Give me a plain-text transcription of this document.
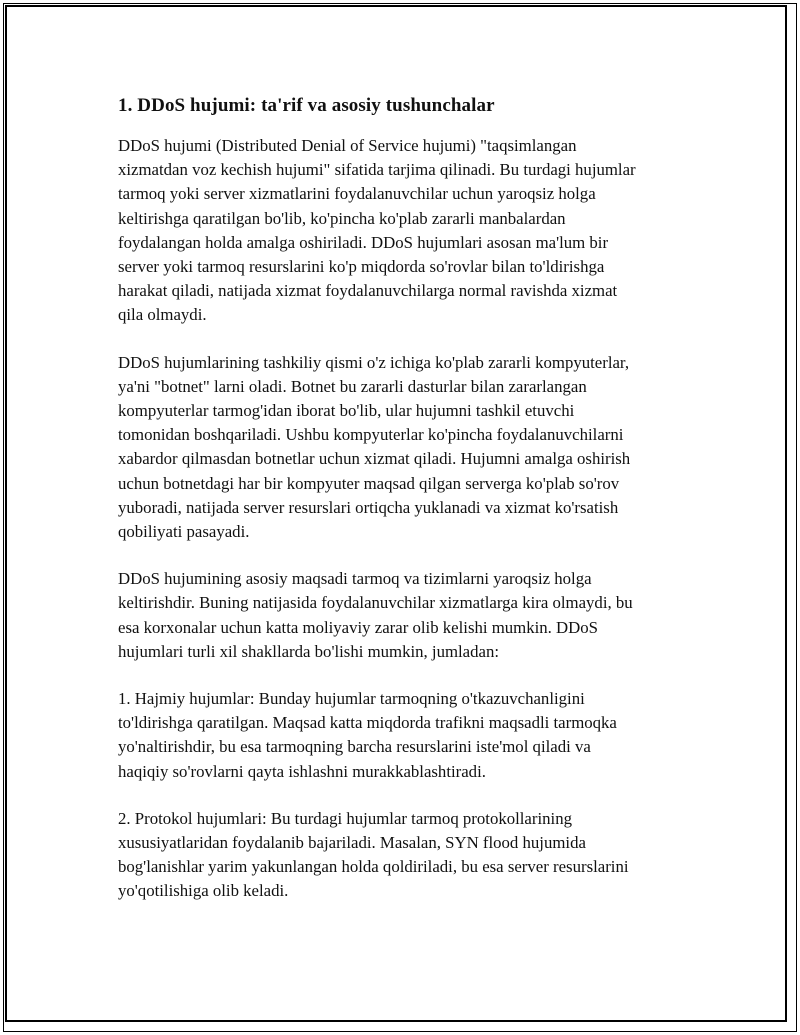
1. DDoS hujumi: ta'rif va asosiy tushunchalar

DDoS hujumi (Distributed Denial of Service hujumi) "taqsimlangan
xizmatdan voz kechish hujumi" sifatida tarjima qilinadi. Bu turdagi hujumlar
tarmoq yoki server xizmatlarini foydalanuvchilar uchun yaroqsiz holga
keltirishga qaratilgan bo'lib, ko'pincha ko'plab zararli manbalardan
foydalangan holda amalga oshiriladi. DDoS hujumlari asosan ma'lum bir
server yoki tarmoq resurslarini ko'p miqdorda so'rovlar bilan to'ldirishga
harakat qiladi, natijada xizmat foydalanuvchilarga normal ravishda xizmat
qila olmaydi.

DDoS hujumlarining tashkiliy qismi o'z ichiga ko'plab zararli kompyuterlar,
ya'ni "botnet" larni oladi. Botnet bu zararli dasturlar bilan zararlangan
kompyuterlar tarmog'idan iborat bo'lib, ular hujumni tashkil etuvchi
tomonidan boshqariladi. Ushbu kompyuterlar ko'pincha foydalanuvchilarni
xabardor qilmasdan botnetlar uchun xizmat qiladi. Hujumni amalga oshirish
uchun botnetdagi har bir kompyuter maqsad qilgan serverga ko'plab so'rov
yuboradi, natijada server resurslari ortiqcha yuklanadi va xizmat ko'rsatish
qobiliyati pasayadi.

DDoS hujumining asosiy maqsadi tarmoq va tizimlarni yaroqsiz holga
keltirishdir. Buning natijasida foydalanuvchilar xizmatlarga kira olmaydi, bu
esa korxonalar uchun katta moliyaviy zarar olib kelishi mumkin. DDoS
hujumlari turli xil shakllarda bo'lishi mumkin, jumladan:

1. Hajmiy hujumlar: Bunday hujumlar tarmoqning o'tkazuvchanligini
to'ldirishga qaratilgan. Maqsad katta miqdorda trafikni maqsadli tarmoqka
yo'naltirishdir, bu esa tarmoqning barcha resurslarini iste'mol qiladi va
haqiqiy so'rovlarni qayta ishlashni murakkablashtiradi.

2. Protokol hujumlari: Bu turdagi hujumlar tarmoq protokollarining
xususiyatlaridan foydalanib bajariladi. Masalan, SYN flood hujumida
bog'lanishlar yarim yakunlangan holda qoldiriladi, bu esa server resurslarini
yo'qotilishiga olib keladi.
